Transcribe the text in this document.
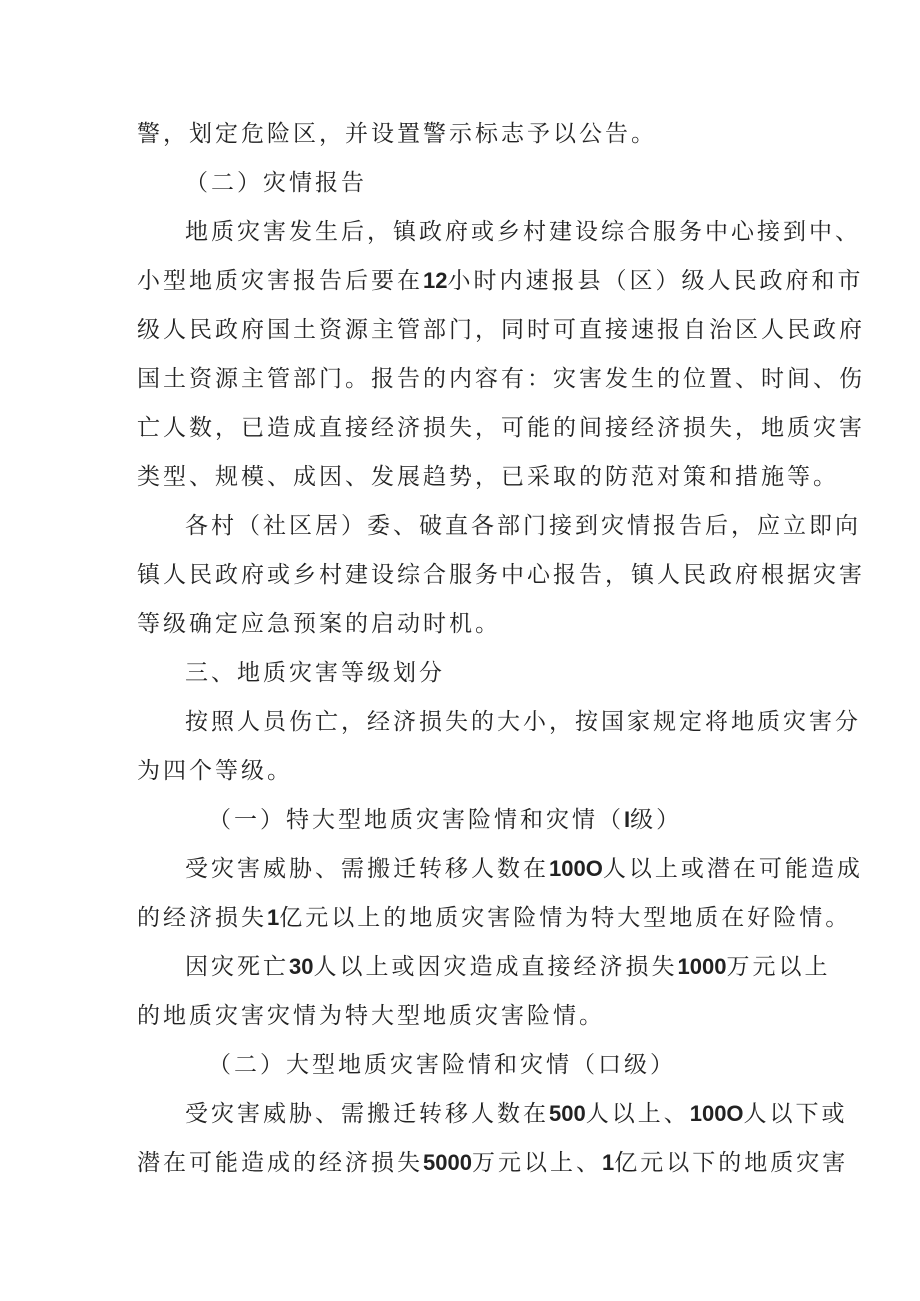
警，划定危险区，并设置警示标志予以公告。

（二）灾情报告

地质灾害发生后，镇政府或乡村建设综合服务中心接到中、

小型地质灾害报告后要在12小时内速报县（区）级人民政府和市

级人民政府国土资源主管部门，同时可直接速报自治区人民政府

国土资源主管部门。报告的内容有：灾害发生的位置、时间、伤

亡人数，已造成直接经济损失，可能的间接经济损失，地质灾害

类型、规模、成因、发展趋势，已采取的防范对策和措施等。

各村（社区居）委、破直各部门接到灾情报告后，应立即向

镇人民政府或乡村建设综合服务中心报告，镇人民政府根据灾害

等级确定应急预案的启动时机。

三、地质灾害等级划分

按照人员伤亡，经济损失的大小，按国家规定将地质灾害分

为四个等级。

（一）特大型地质灾害险情和灾情（I级）

受灾害威胁、需搬迁转移人数在100O人以上或潜在可能造成

的经济损失1亿元以上的地质灾害险情为特大型地质在好险情。

因灾死亡30人以上或因灾造成直接经济损失1000万元以上

的地质灾害灾情为特大型地质灾害险情。

（二）大型地质灾害险情和灾情（口级）

受灾害威胁、需搬迁转移人数在500人以上、100O人以下或

潜在可能造成的经济损失5000万元以上、1亿元以下的地质灾害
